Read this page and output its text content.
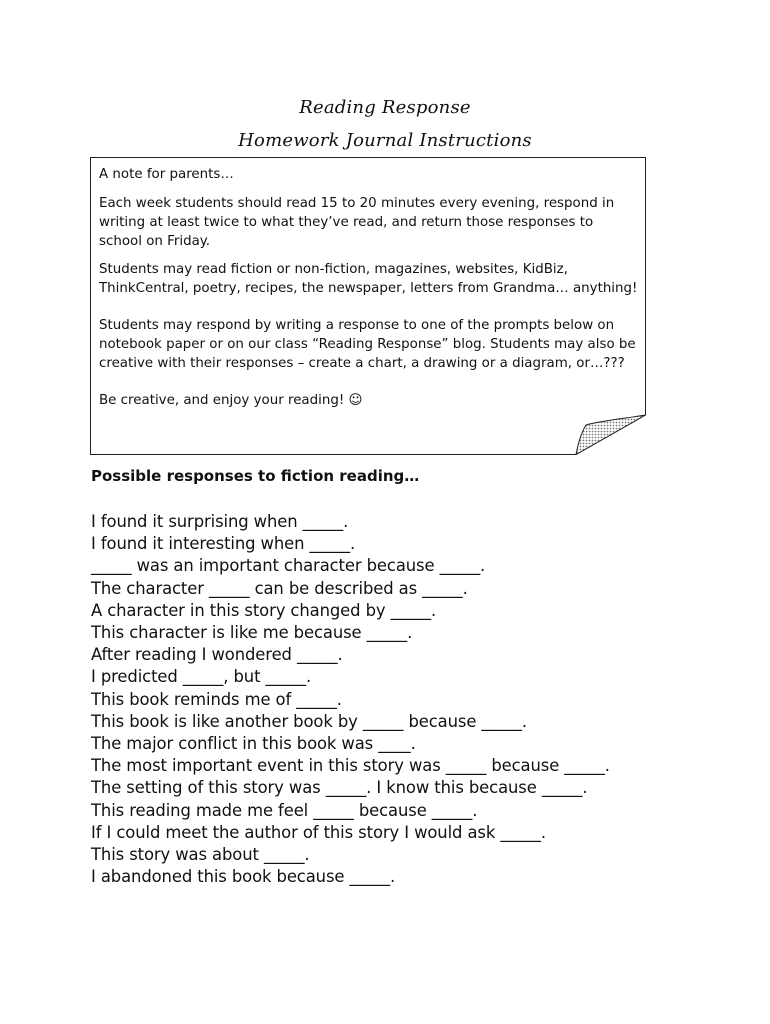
Reading Response
Homework Journal Instructions

A note for parents…

Each week students should read 15 to 20 minutes every evening, respond in writing at least twice to what they’ve read, and return those responses to school on Friday.

Students may read fiction or non-fiction, magazines, websites, KidBiz, ThinkCentral, poetry, recipes, the newspaper, letters from Grandma… anything!

Students may respond by writing a response to one of the prompts below on notebook paper or on our class “Reading Response” blog. Students may also be creative with their responses – create a chart, a drawing or a diagram, or…???

Be creative, and enjoy your reading! ☺

Possible responses to fiction reading…
I found it surprising when _____.
I found it interesting when _____.
_____ was an important character because _____.
The character _____ can be described as _____.
A character in this story changed by _____.
This character is like me because _____.
After reading I wondered _____.
I predicted _____, but _____.
This book reminds me of _____.
This book is like another book by _____ because _____.
The major conflict in this book was ____.
The most important event in this story was _____ because _____.
The setting of this story was _____. I know this because _____.
This reading made me feel _____ because _____.
If I could meet the author of this story I would ask _____.
This story was about _____.
I abandoned this book because _____.
